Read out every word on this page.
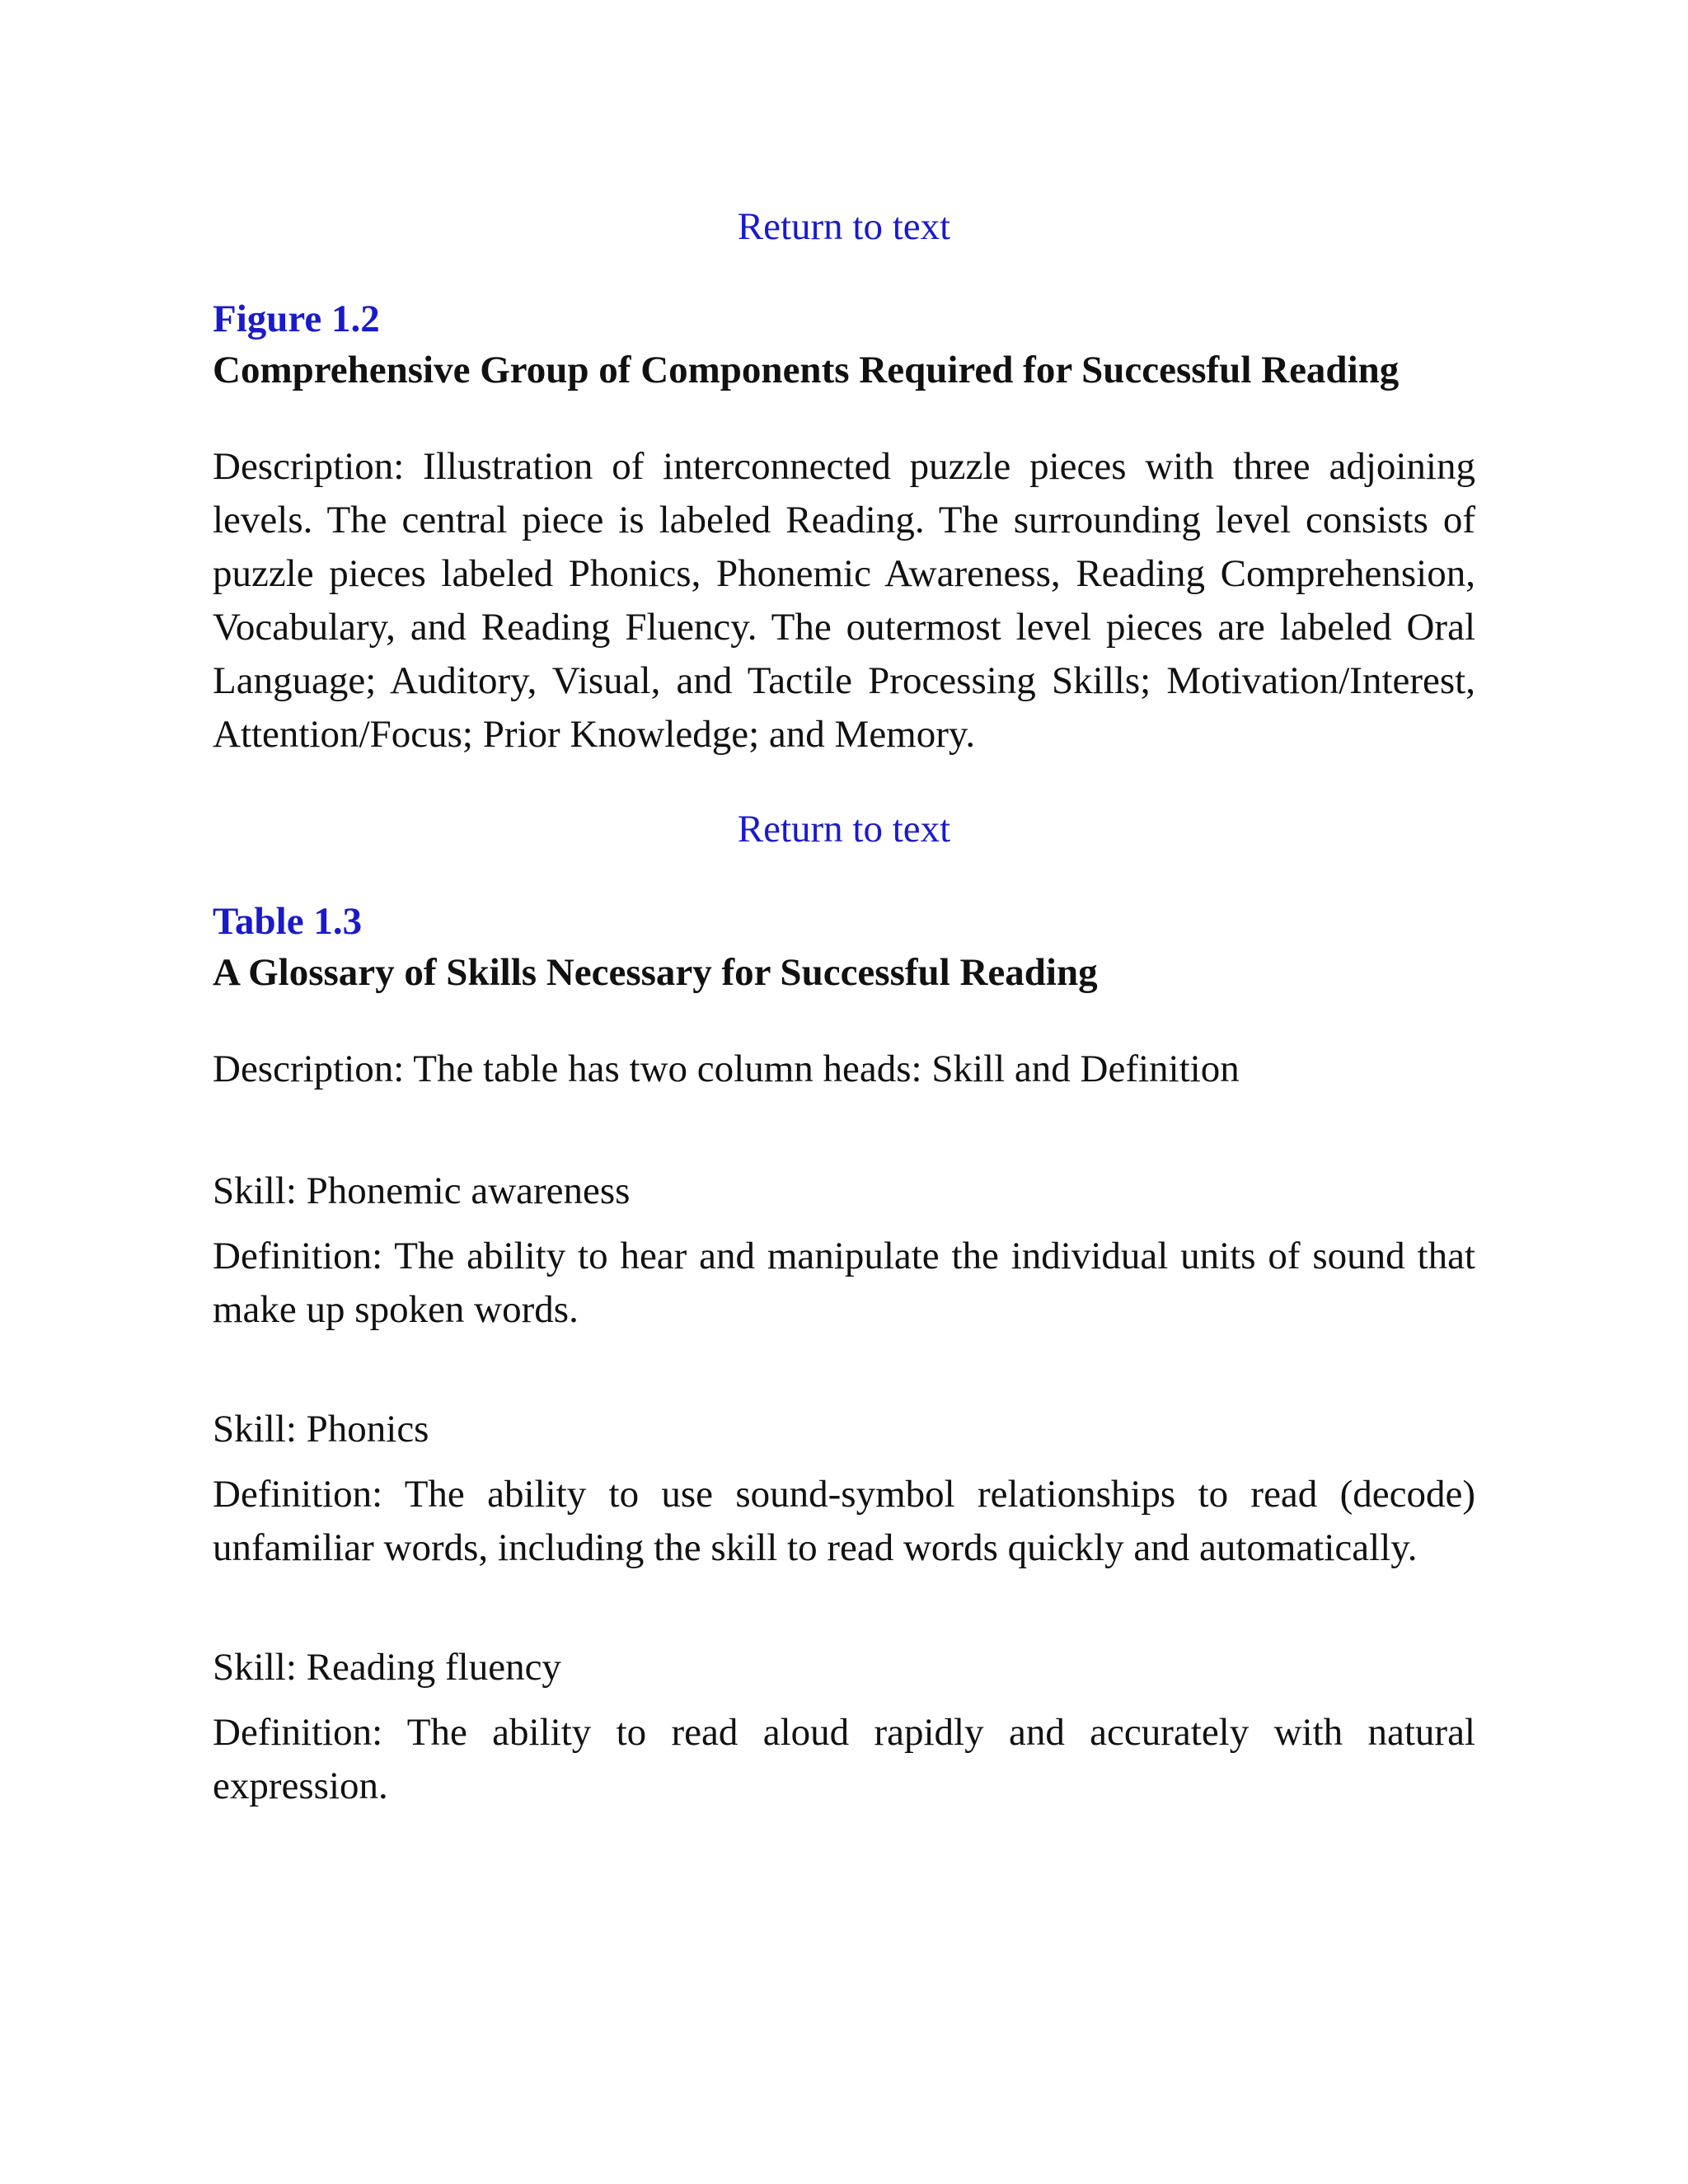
Return to text

Figure 1.2

Comprehensive Group of Components Required for Successful Reading

Description: Illustration of interconnected puzzle pieces with three adjoining levels. The central piece is labeled Reading. The surrounding level consists of puzzle pieces labeled Phonics, Phonemic Awareness, Reading Comprehension, Vocabulary, and Reading Fluency. The outermost level pieces are labeled Oral Language; Auditory, Visual, and Tactile Processing Skills; Motivation/Interest, Attention/Focus; Prior Knowledge; and Memory.

Return to text

Table 1.3

A Glossary of Skills Necessary for Successful Reading

Description: The table has two column heads: Skill and Definition

Skill: Phonemic awareness

Definition: The ability to hear and manipulate the individual units of sound that make up spoken words.

Skill: Phonics

Definition: The ability to use sound-symbol relationships to read (decode) unfamiliar words, including the skill to read words quickly and automatically.

Skill: Reading fluency

Definition: The ability to read aloud rapidly and accurately with natural expression.
